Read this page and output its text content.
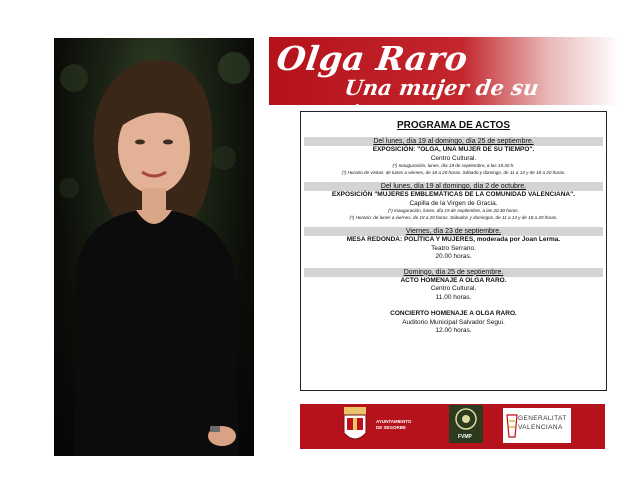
Olga Raro
Una mujer de su tiempo
PROGRAMA DE ACTOS
Del lunes, día 19 al domingo, día 25 de septiembre.
EXPOSICIÓN: "OLGA, UNA MUJER DE SU TIEMPO".
Centro Cultural.
(*) Inauguración, lunes, día 19 de septiembre, a las 19.30 h.
(*) Horario de visitas: de lunes a viernes, de 18 a 20 horas. Sábado y domingo, de 11 a 14 y de 18 a 20 horas.
Del lunes, día 19 al domingo, día 2 de octubre.
EXPOSICIÓN "MUJERES EMBLEMÁTICAS DE LA COMUNIDAD VALENCIANA".
Capilla de la Virgen de Gracia.
(*) Inauguración, lunes, día 19 de septiembre, a las 20.30 horas.
(*) Horario: de lunes a viernes, de 18 a 20 horas. Sábados y domingos, de 11 a 14 y de 18 a 20 horas.
Viernes, día 23 de septiembre.
MESA REDONDA: POLÍTICA Y MUJERES, moderada por Joan Lerma.
Teatro Serrano.
20.00 horas.
Domingo, día 25 de septiembre.
ACTO HOMENAJE A OLGA RARO.
Centro Cultural.
11.00 horas.
CONCIERTO HOMENAJE A OLGA RARO.
Auditorio Municipal Salvador Segui.
12.00 horas.
AYUNTAMIENTO
DE SEGORBE
FVMP
GENERALITAT
VALENCIANA
